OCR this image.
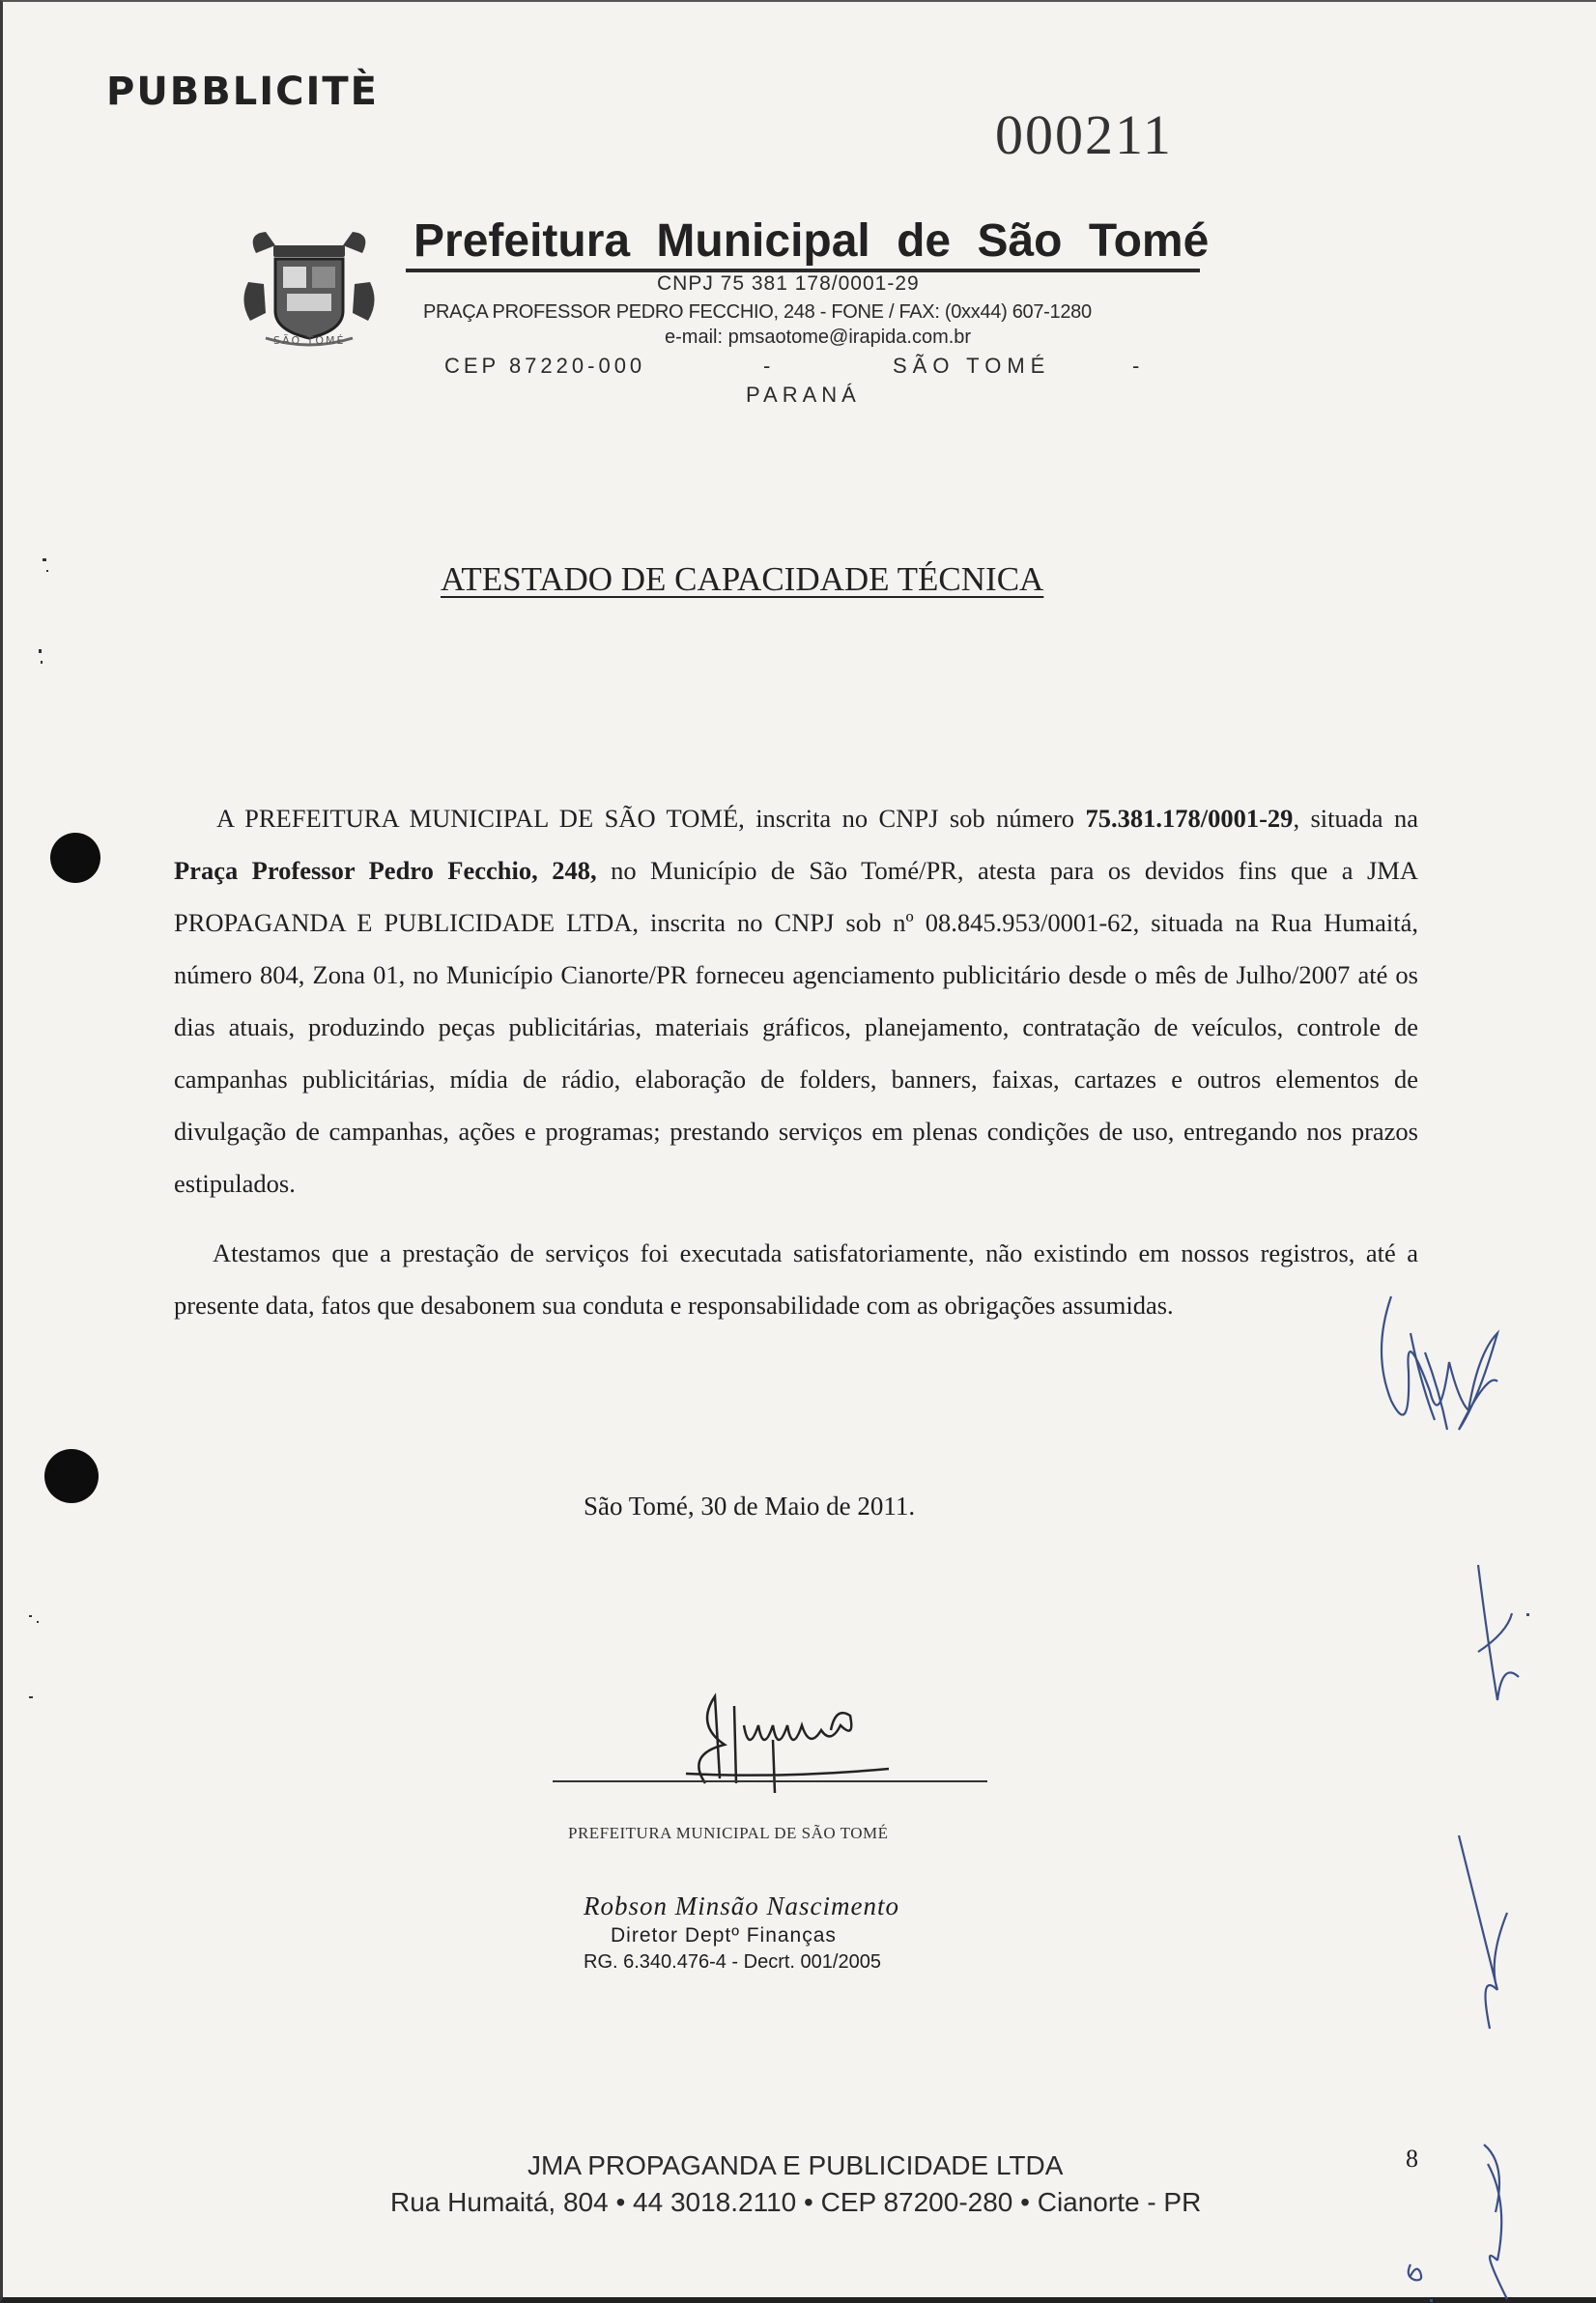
PUBBLICITÈ
000211
SÃO TOMÉ
Prefeitura Municipal de São Tomé
CNPJ 75 381 178/0001-29
PRAÇA PROFESSOR PEDRO FECCHIO, 248 - FONE / FAX: (0xx44) 607-1280
e-mail: pmsaotome@irapida.com.br
CEP 87220-000	-	SÃO TOMÉ	-
PARANÁ
ATESTADO DE CAPACIDADE TÉCNICA

A PREFEITURA MUNICIPAL DE SÃO TOMÉ, inscrita no CNPJ sob número 75.381.178/0001-29, situada na Praça Professor Pedro Fecchio, 248, no Município de São Tomé/PR, atesta para os devidos fins que a JMA PROPAGANDA E PUBLICIDADE LTDA, inscrita no CNPJ sob nº 08.845.953/0001-62, situada na Rua Humaitá, número 804, Zona 01, no Município Cianorte/PR forneceu agenciamento publicitário desde o mês de Julho/2007 até os dias atuais, produzindo peças publicitárias, materiais gráficos, planejamento, contratação de veículos, controle de campanhas publicitárias, mídia de rádio, elaboração de folders, banners, faixas, cartazes e outros elementos de divulgação de campanhas, ações e programas; prestando serviços em plenas condições de uso, entregando nos prazos estipulados.

Atestamos que a prestação de serviços foi executada satisfatoriamente, não existindo em nossos registros, até a presente data, fatos que desabonem sua conduta e responsabilidade com as obrigações assumidas.

São Tomé, 30 de Maio de 2011.
PREFEITURA MUNICIPAL DE SÃO TOMÉ
Robson Minsão Nascimento
Diretor Deptº Finanças
RG. 6.340.476-4 - Decrt. 001/2005
JMA PROPAGANDA E PUBLICIDADE LTDA
Rua Humaitá, 804 • 44 3018.2110 • CEP 87200-280 • Cianorte - PR
8
